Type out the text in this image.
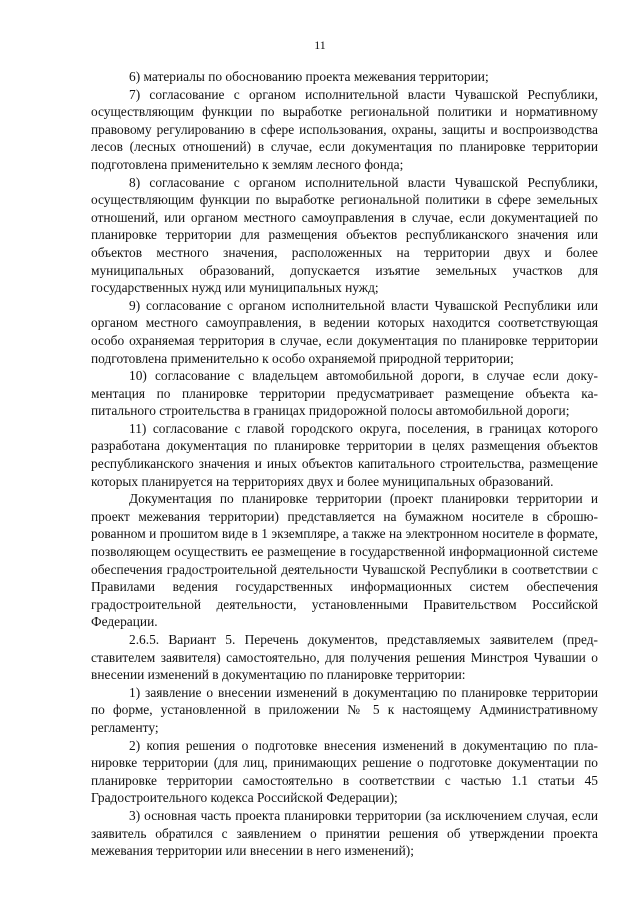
11

6) материалы по обоснованию проекта межевания территории;

7) согласование с органом исполнительной власти Чувашской Республики, осуществляющим функции по выработке региональной политики и нормативному правовому регулированию в сфере использования, охраны, защиты и воспроизводства лесов (лесных отношений) в случае, если документация по планировке территории подготовлена применительно к землям лесного фонда;

8) согласование с органом исполнительной власти Чувашской Республики, осуществляющим функции по выработке региональной политики в сфере земельных отношений, или органом местного самоуправления в случае, если документацией по планировке территории для размещения объектов республиканского значения или объектов местного значения, расположенных на территории двух и более муниципальных образований, допускается изъятие земельных участков для государственных нужд или муниципальных нужд;

9) согласование с органом исполнительной власти Чувашской Республики или органом местного самоуправления, в ведении которых находится соответствующая особо охраняемая территория в случае, если документация по планировке территории подготовлена применительно к особо охраняемой природной территории;

10) согласование с владельцем автомобильной дороги, в случае если документация по планировке территории предусматривает размещение объекта капитального строительства в границах придорожной полосы автомобильной дороги;

11) согласование с главой городского округа, поселения, в границах которого разработана документация по планировке территории в целях размещения объектов республиканского значения и иных объектов капитального строительства, размещение которых планируется на территориях двух и более муниципальных образований.

Документация по планировке территории (проект планировки территории и проект межевания территории) представляется на бумажном носителе в сброшюрованном и прошитом виде в 1 экземпляре, а также на электронном носителе в формате, позволяющем осуществить ее размещение в государственной информационной системе обеспечения градостроительной деятельности Чувашской Республики в соответствии с Правилами ведения государственных информационных систем обеспечения градостроительной деятельности, установленными Правительством Российской Федерации.

2.6.5. Вариант 5. Перечень документов, представляемых заявителем (представителем заявителя) самостоятельно, для получения решения Минстроя Чувашии о внесении изменений в документацию по планировке территории:

1) заявление о внесении изменений в документацию по планировке территории по форме, установленной в приложении № 5 к настоящему Административному регламенту;

2) копия решения о подготовке внесения изменений в документацию по планировке территории (для лиц, принимающих решение о подготовке документации по планировке территории самостоятельно в соответствии с частью 1.1 статьи 45 Градостроительного кодекса Российской Федерации);

3) основная часть проекта планировки территории (за исключением случая, если заявитель обратился с заявлением о принятии решения об утверждении проекта межевания территории или внесении в него изменений);
